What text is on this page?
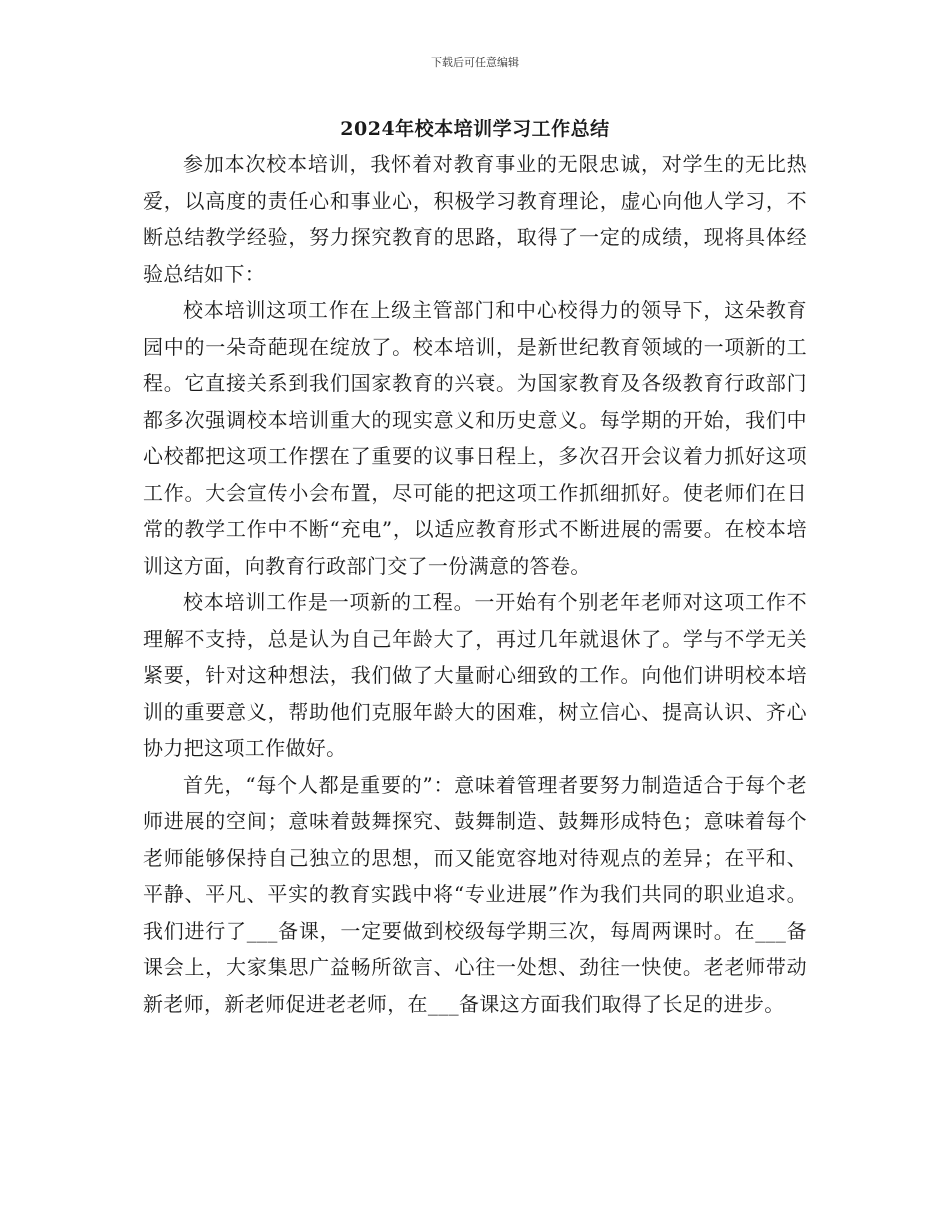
下载后可任意编辑
2024年校本培训学习工作总结

参加本次校本培训，我怀着对教育事业的无限忠诚，对学生的无比热爱，以高度的责任心和事业心，积极学习教育理论，虚心向他人学习，不断总结教学经验，努力探究教育的思路，取得了一定的成绩，现将具体经验总结如下：

校本培训这项工作在上级主管部门和中心校得力的领导下，这朵教育园中的一朵奇葩现在绽放了。校本培训，是新世纪教育领域的一项新的工程。它直接关系到我们国家教育的兴衰。为国家教育及各级教育行政部门都多次强调校本培训重大的现实意义和历史意义。每学期的开始，我们中心校都把这项工作摆在了重要的议事日程上，多次召开会议着力抓好这项工作。大会宣传小会布置，尽可能的把这项工作抓细抓好。使老师们在日常的教学工作中不断“充电”，以适应教育形式不断进展的需要。在校本培训这方面，向教育行政部门交了一份满意的答卷。

校本培训工作是一项新的工程。一开始有个别老年老师对这项工作不理解不支持，总是认为自己年龄大了，再过几年就退休了。学与不学无关紧要，针对这种想法，我们做了大量耐心细致的工作。向他们讲明校本培训的重要意义，帮助他们克服年龄大的困难，树立信心、提高认识、齐心协力把这项工作做好。

首先，“每个人都是重要的”：意味着管理者要努力制造适合于每个老师进展的空间；意味着鼓舞探究、鼓舞制造、鼓舞形成特色；意味着每个老师能够保持自己独立的思想，而又能宽容地对待观点的差异；在平和、平静、平凡、平实的教育实践中将“专业进展”作为我们共同的职业追求。我们进行了___备课，一定要做到校级每学期三次，每周两课时。在___备课会上，大家集思广益畅所欲言、心往一处想、劲往一快使。老老师带动新老师，新老师促进老老师，在___备课这方面我们取得了长足的进步。
